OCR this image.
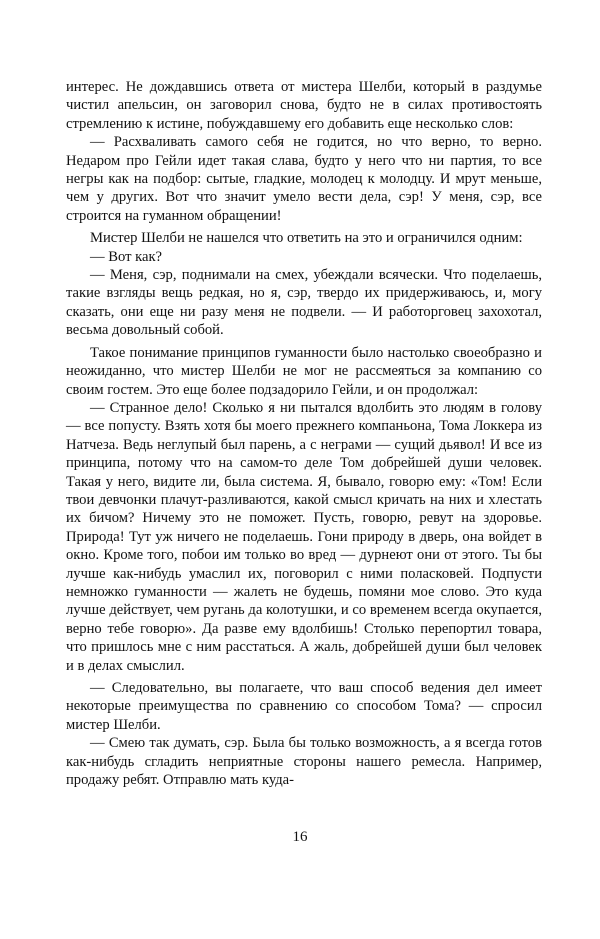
интерес. Не дождавшись ответа от мистера Шелби, который в раздумье чистил апельсин, он заговорил снова, будто не в силах противостоять стремлению к истине, побуждавшему его добавить еще несколько слов:

— Расхваливать самого себя не годится, но что верно, то верно. Недаром про Гейли идет такая слава, будто у него что ни партия, то все негры как на подбор: сытые, гладкие, молодец к молодцу. И мрут меньше, чем у других. Вот что значит умело вести дела, сэр! У меня, сэр, все строится на гуманном обращении!

Мистер Шелби не нашелся что ответить на это и ограничился одним:

— Вот как?

— Меня, сэр, поднимали на смех, убеждали всячески. Что поделаешь, такие взгляды вещь редкая, но я, сэр, твердо их придерживаюсь, и, могу сказать, они еще ни разу меня не подвели. — И работорговец захохотал, весьма довольный собой.

Такое понимание принципов гуманности было настолько своеобразно и неожиданно, что мистер Шелби не мог не рассмеяться за компанию со своим гостем. Это еще более подзадорило Гейли, и он продолжал:

— Странное дело! Сколько я ни пытался вдолбить это людям в голову — все попусту. Взять хотя бы моего прежнего компаньона, Тома Локкера из Натчеза. Ведь неглупый был парень, а с неграми — сущий дьявол! И все из принципа, потому что на самом-то деле Том добрейшей души человек. Такая у него, видите ли, была система. Я, бывало, говорю ему: «Том! Если твои девчонки плачут-разливаются, какой смысл кричать на них и хлестать их бичом? Ничему это не поможет. Пусть, говорю, ревут на здоровье. Природа! Тут уж ничего не поделаешь. Гони природу в дверь, она войдет в окно. Кроме того, побои им только во вред — дурнеют они от этого. Ты бы лучше как-нибудь умаслил их, поговорил с ними поласковей. Подпусти немножко гуманности — жалеть не будешь, помяни мое слово. Это куда лучше действует, чем ругань да колотушки, и со временем всегда окупается, верно тебе говорю». Да разве ему вдолбишь! Столько перепортил товара, что пришлось мне с ним расстаться. А жаль, добрейшей души был человек и в делах смыслил.

— Следовательно, вы полагаете, что ваш способ ведения дел имеет некоторые преимущества по сравнению со способом Тома? — спросил мистер Шелби.

— Смею так думать, сэр. Была бы только возможность, а я всегда готов как-нибудь сгладить неприятные стороны нашего ремесла. Например, продажу ребят. Отправлю мать куда-

16
